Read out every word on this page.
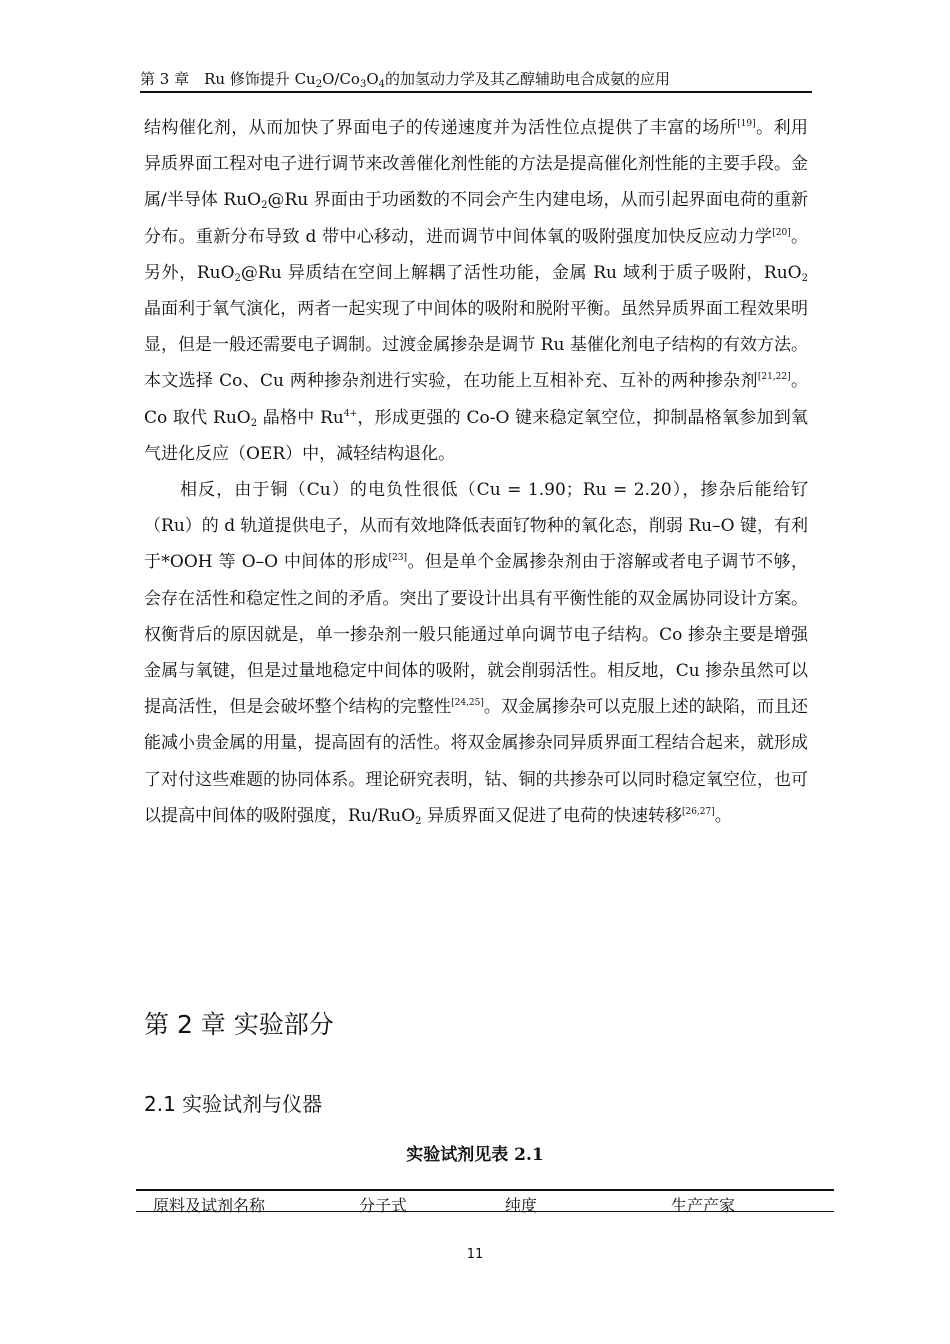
第 3 章　Ru 修饰提升 $Cu_2O/Co_3O_4$的加氢动力学及其乙醇辅助电合成氨的应用

结构催化剂，从而加快了界面电子的传递速度并为活性位点提供了丰富的场所[19]。利用异质界面工程对电子进行调节来改善催化剂性能的方法是提高催化剂性能的主要手段。金属/半导体 RuO$_2$@Ru 界面由于功函数的不同会产生内建电场，从而引起界面电荷的重新分布。重新分布导致 d 带中心移动，进而调节中间体氧的吸附强度加快反应动力学[20]。另外，RuO$_2$@Ru 异质结在空间上解耦了活性功能，金属 Ru 域利于质子吸附，RuO$_2$ 晶面利于氧气演化，两者一起实现了中间体的吸附和脱附平衡。虽然异质界面工程效果明显，但是一般还需要电子调制。过渡金属掺杂是调节 Ru 基催化剂电子结构的有效方法。本文选择 Co、Cu 两种掺杂剂进行实验，在功能上互相补充、互补的两种掺杂剂[21,22]。Co 取代 RuO$_2$ 晶格中 $Ru^{4+}$，形成更强的 Co-O 键来稳定氧空位，抑制晶格氧参加到氧气进化反应（OER）中，减轻结构退化。

相反，由于铜（Cu）的电负性很低（Cu = 1.90；Ru = 2.20），掺杂后能给钌（Ru）的 d 轨道提供电子，从而有效地降低表面钌物种的氧化态，削弱 Ru–O 键，有利于*OOH 等 O–O 中间体的形成[23]。但是单个金属掺杂剂由于溶解或者电子调节不够，会存在活性和稳定性之间的矛盾。突出了要设计出具有平衡性能的双金属协同设计方案。权衡背后的原因就是，单一掺杂剂一般只能通过单向调节电子结构。Co 掺杂主要是增强金属与氧键，但是过量地稳定中间体的吸附，就会削弱活性。相反地，Cu 掺杂虽然可以提高活性，但是会破坏整个结构的完整性[24,25]。双金属掺杂可以克服上述的缺陷，而且还能减小贵金属的用量，提高固有的活性。将双金属掺杂同异质界面工程结合起来，就形成了对付这些难题的协同体系。理论研究表明，钴、铜的共掺杂可以同时稳定氧空位，也可以提高中间体的吸附强度，Ru/RuO$_2$ 异质界面又促进了电荷的快速转移[26,27]。

第 2 章 实验部分
2.1 实验试剂与仪器
实验试剂见表 2.1
原料及试剂名称	分子式	纯度	生产产家
11
